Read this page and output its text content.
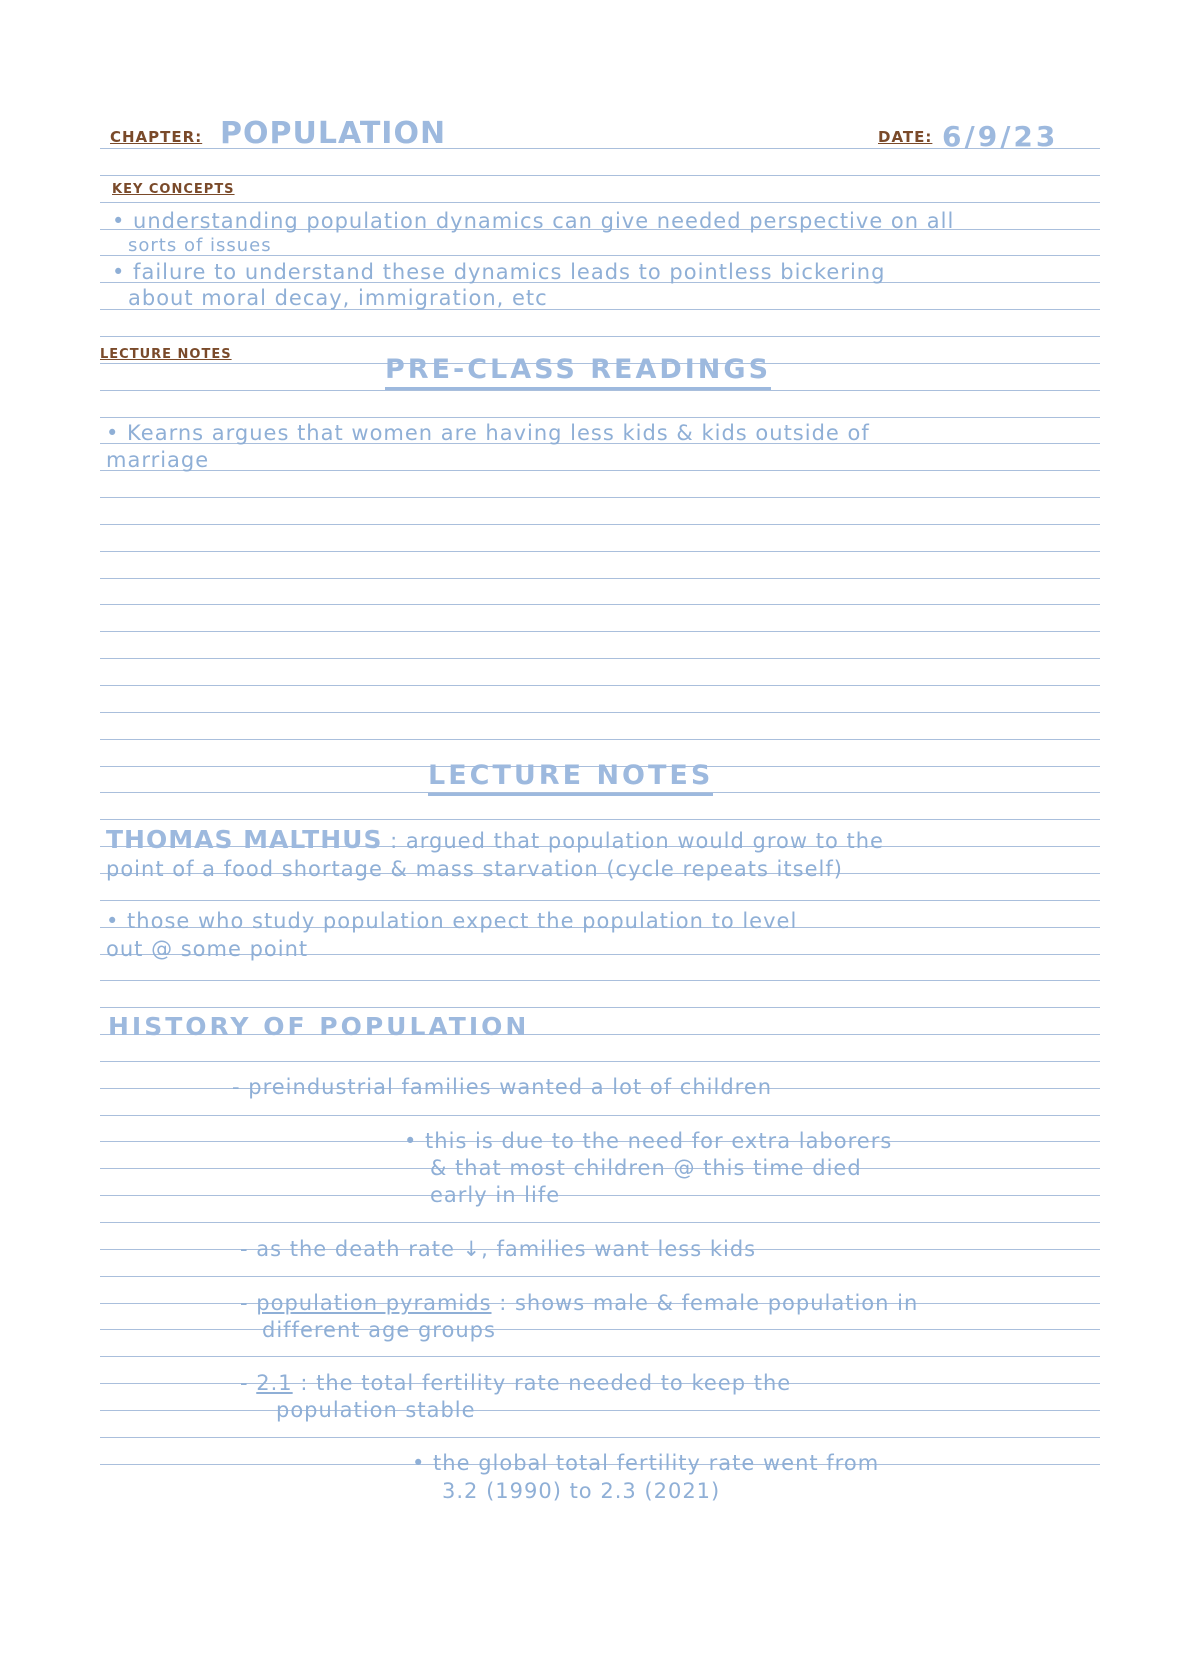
CHAPTER: POPULATION	DATE: 6/9/23
KEY CONCEPTS
• understanding population dynamics can give needed perspective on all
sorts of issues
• failure to understand these dynamics leads to pointless bickering
about moral decay, immigration, etc
LECTURE NOTES	PRE-CLASS READINGS
• Kearns argues that women are having less kids & kids outside of
marriage
LECTURE NOTES
THOMAS MALTHUS : argued that population would grow to the
point of a food shortage & mass starvation (cycle repeats itself)
• those who study population expect the population to level
out @ some point
HISTORY OF POPULATION
- preindustrial families wanted a lot of children
• this is due to the need for extra laborers
& that most children @ this time died
early in life
- as the death rate ↓, families want less kids
- population pyramids : shows male & female population in
different age groups
- 2.1 : the total fertility rate needed to keep the
population stable
• the global total fertility rate went from
3.2 (1990) to 2.3 (2021)
